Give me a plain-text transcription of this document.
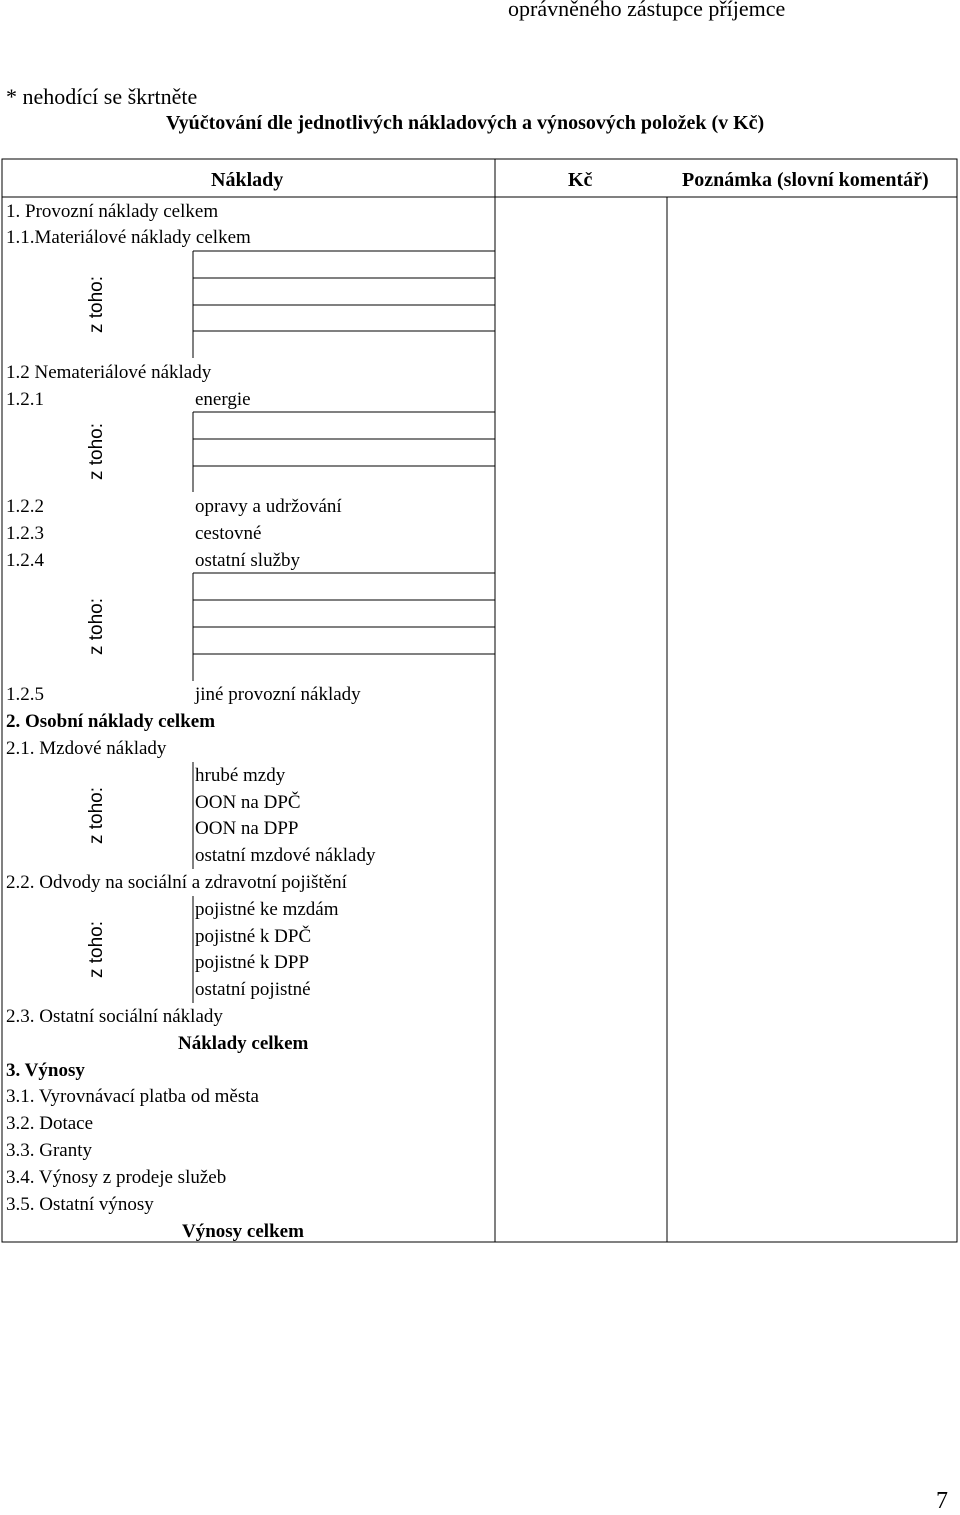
oprávněného zástupce příjemce
* nehodící se škrtněte
Vyúčtování dle jednotlivých nákladových a výnosových položek (v Kč)
Náklady	Kč	Poznámka (slovní komentář)
1. Provozní náklady celkem
1.1.Materiálové náklady celkem
z toho:
1.2 Nemateriálové náklady
1.2.1	energie
z toho:
1.2.2	opravy a udržování
1.2.3	cestovné
1.2.4	ostatní služby
z toho:
1.2.5	jiné provozní náklady
2. Osobní náklady celkem
2.1. Mzdové náklady
hrubé mzdy
OON na DPČ
OON na DPP
ostatní mzdové náklady
z toho:
2.2. Odvody na sociální a zdravotní pojištění
pojistné ke mzdám
pojistné k DPČ
pojistné k DPP
ostatní pojistné
z toho:
2.3. Ostatní sociální náklady
Náklady celkem
3. Výnosy
3.1. Vyrovnávací platba od města
3.2. Dotace
3.3. Granty
3.4. Výnosy z prodeje služeb
3.5. Ostatní výnosy
Výnosy celkem
7
